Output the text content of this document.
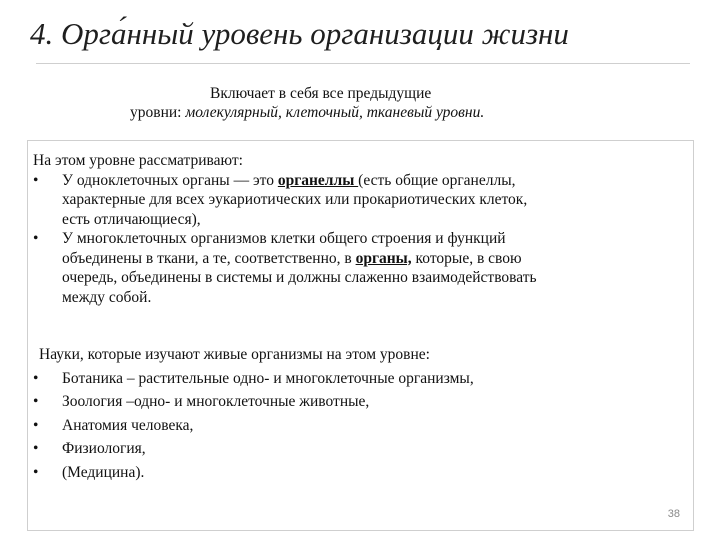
4. Орга́нный уровень организации жизни
Включает в себя все предыдущие
уровни: молекулярный, клеточный, тканевый уровни.
На этом уровне рассматривают:
• У одноклеточных органы — это органеллы (есть общие органеллы,
характерные для всех эукариотических или прокариотических клеток,
есть отличающиеся),
• У многоклеточных организмов клетки общего строения и функций
объединены в ткани, а те, соответственно, в органы, которые, в свою
очередь, объединены в системы и должны слаженно взаимодействовать
между собой.
Науки, которые изучают живые организмы на этом уровне:
• Ботаника – растительные одно- и многоклеточные организмы,
• Зоология –одно- и многоклеточные животные,
• Анатомия человека,
• Физиология,
• (Медицина).
38
